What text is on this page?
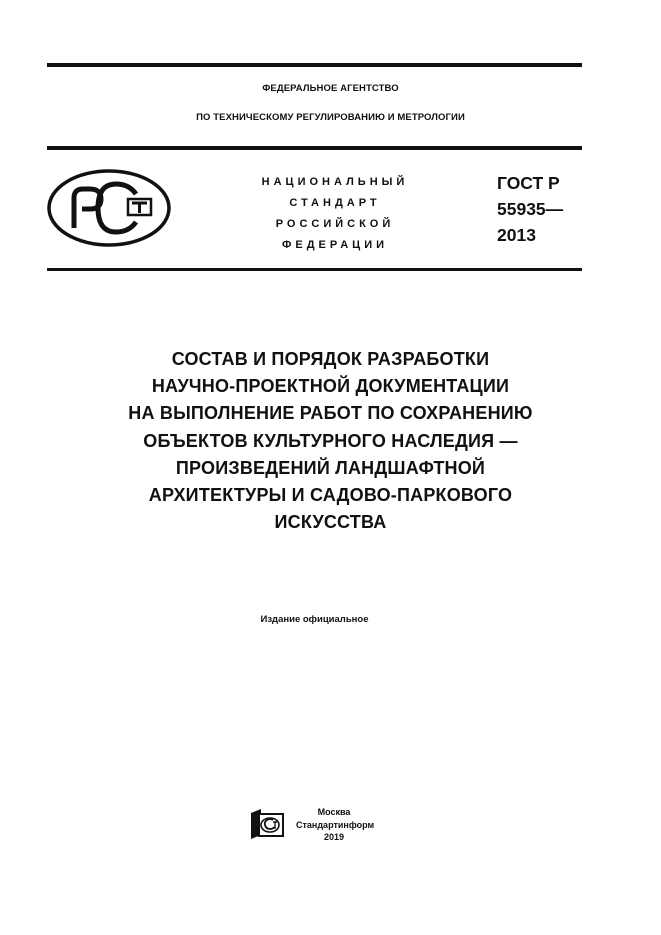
ФЕДЕРАЛЬНОЕ АГЕНТСТВО
ПО ТЕХНИЧЕСКОМУ РЕГУЛИРОВАНИЮ И МЕТРОЛОГИИ
НАЦИОНАЛЬНЫЙ
СТАНДАРТ
РОССИЙСКОЙ
ФЕДЕРАЦИИ
ГОСТ Р
55935—
2013
СОСТАВ И ПОРЯДОК РАЗРАБОТКИ
НАУЧНО-ПРОЕКТНОЙ ДОКУМЕНТАЦИИ
НА ВЫПОЛНЕНИЕ РАБОТ ПО СОХРАНЕНИЮ
ОБЪЕКТОВ КУЛЬТУРНОГО НАСЛЕДИЯ —
ПРОИЗВЕДЕНИЙ ЛАНДШАФТНОЙ
АРХИТЕКТУРЫ И САДОВО-ПАРКОВОГО
ИСКУССТВА
Издание официальное
Москва
Стандартинформ
2019
